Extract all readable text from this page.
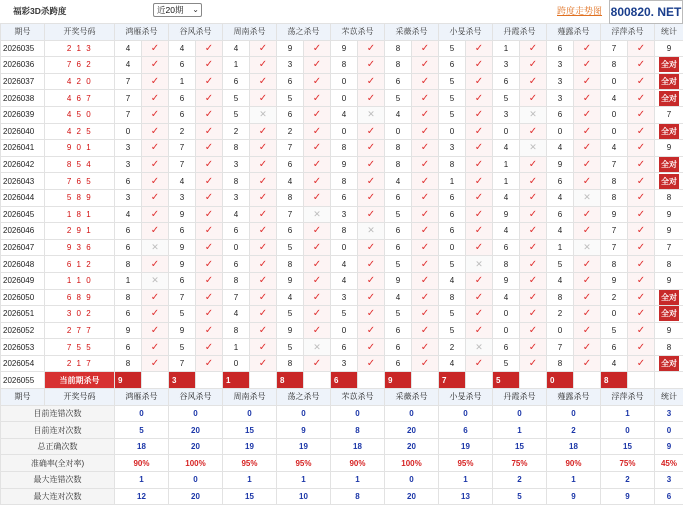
福彩3D杀跨度	近20期 ⌄	跨度走势图 800820. NET
期号	开奖号码	鸿雁杀号		谷风杀号		周南杀号		荡之杀号		芣苡杀号		采薇杀号		小旻杀号		丹霞杀号		薤露杀号		浮萍杀号		统计
2026035	2 1 3	4	✓	4	✓	4	✓	9	✓	9	✓	8	✓	5	✓	1	✓	6	✓	7	✓	9
2026036	7 6 2	4	✓	6	✓	1	✓	3	✓	8	✓	8	✓	6	✓	3	✓	3	✓	8	✓	全对
2026037	4 2 0	7	✓	1	✓	6	✓	6	✓	0	✓	6	✓	5	✓	6	✓	3	✓	0	✓	全对
2026038	4 6 7	7	✓	6	✓	5	✓	5	✓	0	✓	5	✓	5	✓	5	✓	3	✓	4	✓	全对
2026039	4 5 0	7	✓	6	✓	5	✕	6	✓	4	✕	4	✓	5	✓	3	✕	6	✓	0	✓	7
2026040	4 2 5	0	✓	2	✓	2	✓	2	✓	0	✓	0	✓	0	✓	0	✓	0	✓	0	✓	全对
2026041	9 0 1	3	✓	7	✓	8	✓	7	✓	8	✓	8	✓	3	✓	4	✕	4	✓	4	✓	9
2026042	8 5 4	3	✓	7	✓	3	✓	6	✓	9	✓	8	✓	8	✓	1	✓	9	✓	7	✓	全对
2026043	7 6 5	6	✓	4	✓	8	✓	4	✓	8	✓	4	✓	1	✓	1	✓	6	✓	8	✓	全对
2026044	5 8 9	3	✓	3	✓	3	✓	8	✓	6	✓	6	✓	6	✓	4	✓	4	✕	8	✓	8
2026045	1 8 1	4	✓	9	✓	4	✓	7	✕	3	✓	5	✓	6	✓	9	✓	6	✓	9	✓	9
2026046	2 9 1	6	✓	6	✓	6	✓	6	✓	8	✕	6	✓	6	✓	4	✓	4	✓	7	✓	9
2026047	9 3 6	6	✕	9	✓	0	✓	5	✓	0	✓	6	✓	0	✓	6	✓	1	✕	7	✓	7
2026048	6 1 2	8	✓	9	✓	6	✓	8	✓	4	✓	5	✓	5	✕	8	✓	5	✓	8	✓	8
2026049	1 1 0	1	✕	6	✓	8	✓	9	✓	4	✓	9	✓	4	✓	9	✓	4	✓	9	✓	9
2026050	6 8 9	8	✓	7	✓	7	✓	4	✓	3	✓	4	✓	8	✓	4	✓	8	✓	2	✓	全对
2026051	3 0 2	6	✓	5	✓	4	✓	5	✓	5	✓	5	✓	5	✓	0	✓	2	✓	0	✓	全对
2026052	2 7 7	9	✓	9	✓	8	✓	9	✓	0	✓	6	✓	5	✓	0	✓	0	✓	5	✓	9
2026053	7 5 5	6	✓	5	✓	1	✓	5	✕	6	✓	6	✓	2	✕	6	✓	7	✓	6	✓	8
2026054	2 1 7	8	✓	7	✓	0	✓	8	✓	3	✓	6	✓	4	✓	5	✓	8	✓	4	✓	全对
2026055	当前期杀号	9		3		1		8		6		9		7		5		0		8		
期号	开奖号码	鸿雁杀号		谷风杀号		周南杀号		荡之杀号		芣苡杀号		采薇杀号		小旻杀号		丹霞杀号		薤露杀号		浮萍杀号		统计
目前连错次数		0		0		0		0		0		0		0		0		0		1		3
目前连对次数		5		20		15		9		8		20		6		1		2		0		0
总正确次数		18		20		19		19		18		20		19		15		18		15		9
准确率(全对率)		90%		100%		95%		95%		90%		100%		95%		75%		90%		75%		45%
最大连错次数		1		0		1		1		1		0		1		2		1		2		3
最大连对次数		12		20		15		10		8		20		13		5		9		9		6
